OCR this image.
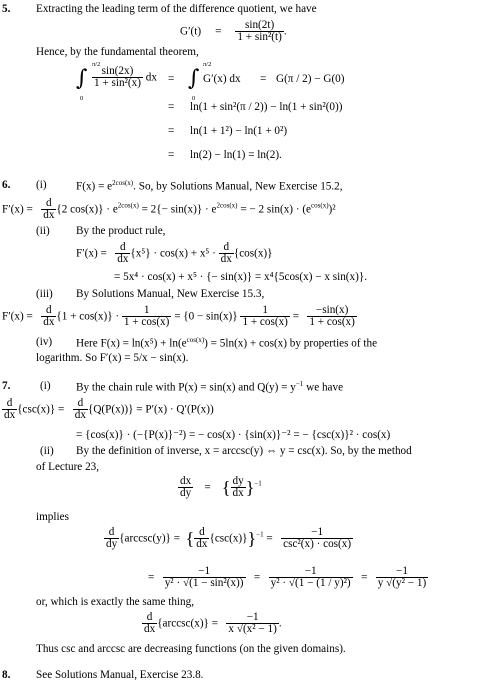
5. Extracting the leading term of the difference quotient, we have
$G'(t) = \frac{\sin(2t)}{\text{1 + sin²(t)}}$ .
Hence, by the fundamental theorem,
π/2
∫
0
$\frac{\sin(2x)}{\text{1 + sin²(x)}}$ dx =
π/2
∫
0
G′(x) dx = G(π / 2) − G(0)
= ln(1 + sin²(π / 2)) − ln(1 + sin²(0))
= ln(1 + 1²) − ln(1 + 0²)
= ln(2) − ln(1) = ln(2).
6. (i)	$F(x) = e^{2cos(x)}$. So, by Solutions Manual, New Exercise 15.2,
$F'(x) = \frac{d}{dx} \{2$ $\cos(x)\} \cdot e^{2cos(x)} = 2\{- \sin(x)\} \cdot e^{2cos(x)}$ = − 2 $\sin(x) \cdot (e^{cos(x)})^2$
(ii) By the product rule,
$F'(x) = \frac{d}{dx} \{x^5\} \cdot \cos(x) + x^5 \cdot \frac{d}{dx} \{\cos(x)\}$
= 5x⁴ · cos(x) + x⁵ · {− sin(x)} = x⁴{5cos(x) − x sin(x)}.
(iii) By Solutions Manual, New Exercise 15.3,
$F'(x) = \frac{d}{dx} \{1 + \cos(x)\} \cdot \frac{1}{1 + \cos(x)} = \{0 - \sin(x)\} \frac{1}{1 + \cos(x)} = \frac{-\sin(x)}{1 + \cos(x)}$
(iv) Here $F(x) = \ln(x^5) + \ln(e^{cos(x)}) = 5\ln(x) + \cos(x)$ by properties of the
logarithm. So F′(x) = 5/x − sin(x).
7.	(i) By the chain rule with P(x) = sin(x) and $Q(y) = y^{-1}$ we have
$\frac{d}{dx} \{\csc(x)\} = \frac{d}{dx} \{Q(P(x))\} = P'(x) \cdot Q'(P(x))$
= {cos(x)} · (−{P(x)}⁻²) = − cos(x) · {sin(x)}⁻² = − {csc(x)}² · cos(x)
(ii) By the definition of inverse, x = arccsc(y) ⇔ y = csc(x). So, by the method
of Lecture 23,
$\frac{dx}{dy}$ =    { $\frac{dy}{dx} \}^{-1}$
implies
$\frac{d}{dy} \{arccsc(y)\}$ = { $\frac{d}{dx} \{\csc(x)\}\}^{-1} = \frac{-1}{\text{csc²(x) · cos(x)}}$
= $\frac{-1}{\text{y² · √(1 − sin²(x))}} = \frac{-1}{\text{y² · √(1 − (1 / y)²)}} = \frac{-1}{\text{y √(y² − 1)}}$
or, which is exactly the same thing,
$\frac{d}{dx} \{arccsc(x)\} = \frac{-1}{\text{x √(x² − 1)}}$ .
Thus csc and arccsc are decreasing functions (on the given domains).
8. See Solutions Manual, Exercise 23.8.
